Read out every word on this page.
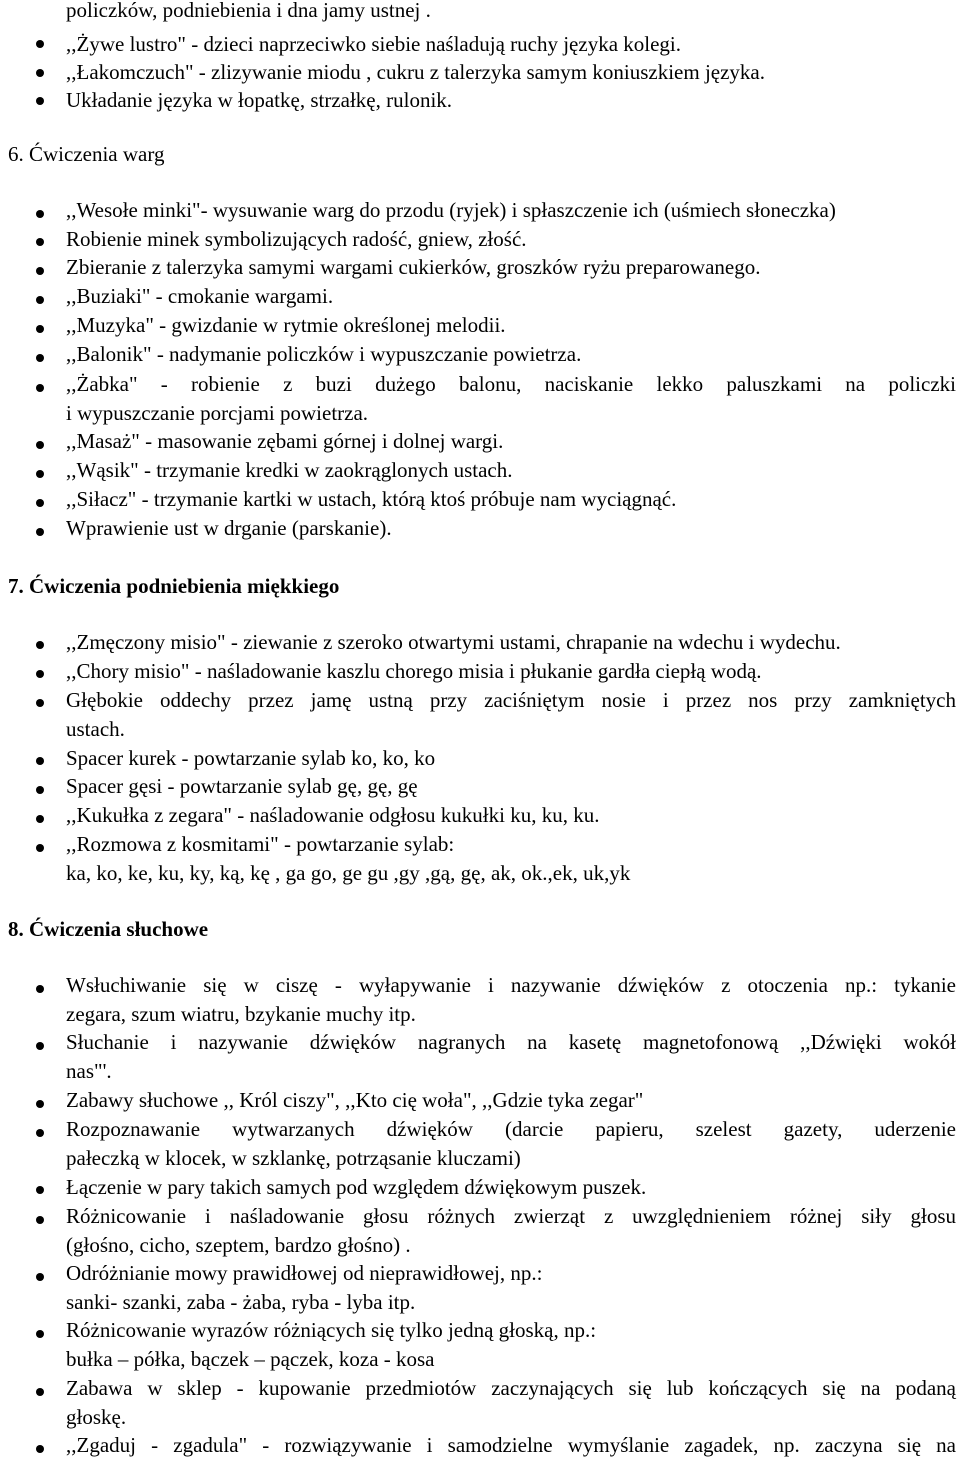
policzków, podniebienia i dna jamy ustnej .
,,Żywe lustro" - dzieci naprzeciwko siebie naśladują ruchy języka kolegi.
,,Łakomczuch" - zlizywanie miodu , cukru z talerzyka samym koniuszkiem języka.
Układanie języka w łopatkę, strzałkę, rulonik.
6. Ćwiczenia warg
,,Wesołe minki"- wysuwanie warg do przodu (ryjek) i spłaszczenie ich (uśmiech słoneczka)
Robienie minek symbolizujących radość, gniew, złość.
Zbieranie z talerzyka samymi wargami cukierków, groszków ryżu preparowanego.
,,Buziaki" - cmokanie wargami.
,,Muzyka" - gwizdanie w rytmie określonej melodii.
,,Balonik" - nadymanie policzków i wypuszczanie powietrza.
,,Żabka" - robienie z buzi dużego balonu, naciskanie lekko paluszkami na policzki
i wypuszczanie porcjami powietrza.
,,Masaż" - masowanie zębami górnej i dolnej wargi.
,,Wąsik" - trzymanie kredki w zaokrąglonych ustach.
,,Siłacz" - trzymanie kartki w ustach, którą ktoś próbuje nam wyciągnąć.
Wprawienie ust w drganie (parskanie).
7. Ćwiczenia podniebienia miękkiego
,,Zmęczony misio" - ziewanie z szeroko otwartymi ustami, chrapanie na wdechu i wydechu.
,,Chory misio" - naśladowanie kaszlu chorego misia i płukanie gardła ciepłą wodą.
Głębokie oddechy przez jamę ustną przy zaciśniętym nosie i przez nos przy zamkniętych
ustach.
Spacer kurek - powtarzanie sylab ko, ko, ko
Spacer gęsi - powtarzanie sylab gę, gę, gę
,,Kukułka z zegara" - naśladowanie odgłosu kukułki ku, ku, ku.
,,Rozmowa z kosmitami" - powtarzanie sylab:
ka, ko, ke, ku, ky, ką, kę , ga go, ge gu ,gy ,gą, gę, ak, ok.,ek, uk,yk
8. Ćwiczenia słuchowe
Wsłuchiwanie się w ciszę - wyłapywanie i nazywanie dźwięków z otoczenia np.: tykanie
zegara, szum wiatru, bzykanie muchy itp.
Słuchanie i nazywanie dźwięków nagranych na kasetę magnetofonową ,,Dźwięki wokół
nas"'.
Zabawy słuchowe ,, Król ciszy", ,,Kto cię woła", ,,Gdzie tyka zegar"
Rozpoznawanie wytwarzanych dźwięków (darcie papieru, szelest gazety, uderzenie
pałeczką w klocek, w szklankę, potrząsanie kluczami)
Łączenie w pary takich samych pod względem dźwiękowym puszek.
Różnicowanie i naśladowanie głosu różnych zwierząt z uwzględnieniem różnej siły głosu
(głośno, cicho, szeptem, bardzo głośno) .
Odróżnianie mowy prawidłowej od nieprawidłowej, np.:
sanki- szanki, zaba - żaba, ryba - lyba itp.
Różnicowanie wyrazów różniących się tylko jedną głoską, np.:
bułka – półka, bączek – pączek, koza - kosa
Zabawa w sklep - kupowanie przedmiotów zaczynających się lub kończących się na podaną
głoskę.
,,Zgaduj - zgadula" - rozwiązywanie i samodzielne wymyślanie zagadek, np. zaczyna się na
